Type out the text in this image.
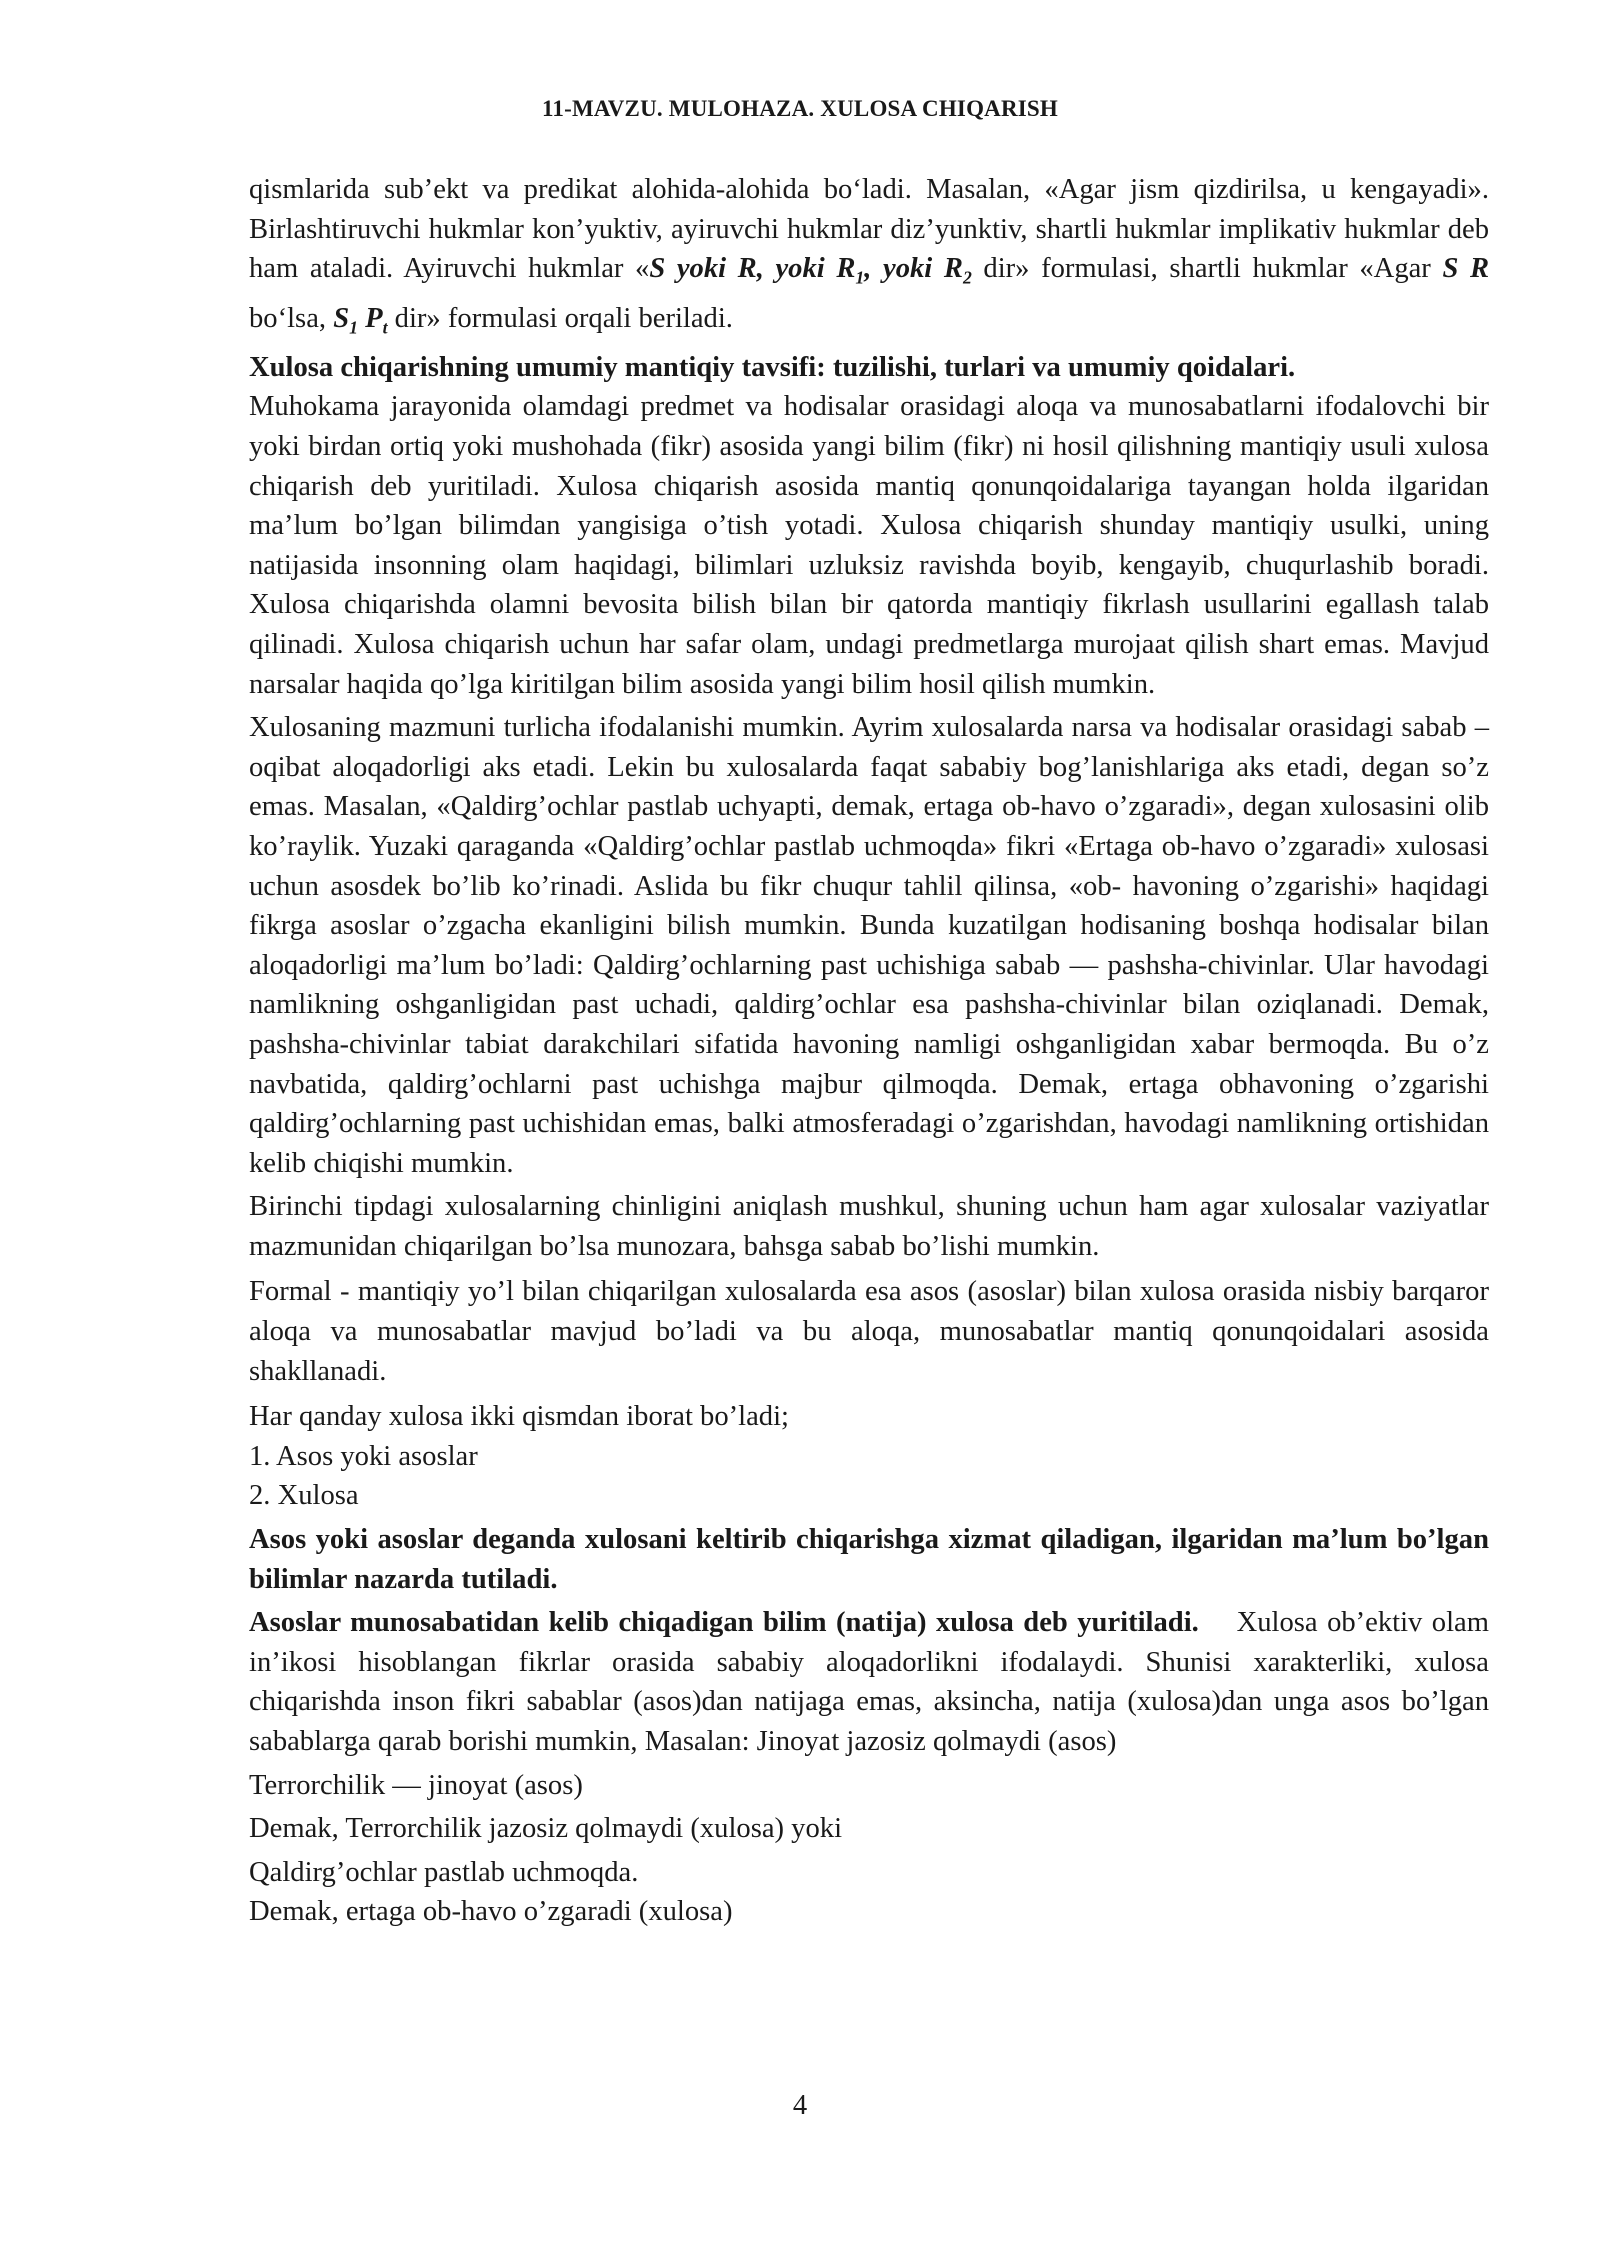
11-MAVZU. MULOHAZA. XULOSA CHIQARISH

qismlarida sub’ekt va predikat alohida-alohida bo‘ladi. Masalan, «Agar jism qizdirilsa, u kengayadi». Birlashtiruvchi hukmlar kon’yuktiv, ayiruvchi hukmlar diz’yunktiv, shartli hukmlar implikativ hukmlar deb ham ataladi. Ayiruvchi hukmlar «S yoki R, yoki $R_1$, yoki $R_2$ dir» formulasi, shartli hukmlar «Agar S R bo‘lsa, $S_1$ $P_t$ dir» formulasi orqali beriladi.

Xulosa chiqarishning umumiy mantiqiy tavsifi: tuzilishi, turlari va umumiy qoidalari.

Muhokama jarayonida olamdagi predmet va hodisalar orasidagi aloqa va munosabatlarni ifodalovchi bir yoki birdan ortiq yoki mushohada (fikr) asosida yangi bilim (fikr) ni hosil qilishning mantiqiy usuli xulosa chiqarish deb yuritiladi. Xulosa chiqarish asosida mantiq qonunqoidalariga tayangan holda ilgaridan ma’lum bo’lgan bilimdan yangisiga o’tish yotadi. Xulosa chiqarish shunday mantiqiy usulki, uning natijasida insonning olam haqidagi, bilimlari uzluksiz ravishda boyib, kengayib, chuqurlashib boradi. Xulosa chiqarishda olamni bevosita bilish bilan bir qatorda mantiqiy fikrlash usullarini egallash talab qilinadi. Xulosa chiqarish uchun har safar olam, undagi predmetlarga murojaat qilish shart emas. Mavjud narsalar haqida qo’lga kiritilgan bilim asosida yangi bilim hosil qilish mumkin.

Xulosaning mazmuni turlicha ifodalanishi mumkin. Ayrim xulosalarda narsa va hodisalar orasidagi sabab – oqibat aloqadorligi aks etadi. Lekin bu xulosalarda faqat sababiy bog’lanishlariga aks etadi, degan so’z emas. Masalan, «Qaldirg’ochlar pastlab uchyapti, demak, ertaga ob-havo o’zgaradi», degan xulosasini olib ko’raylik. Yuzaki qaraganda «Qaldirg’ochlar pastlab uchmoqda» fikri «Ertaga ob-havo o’zgaradi» xulosasi uchun asosdek bo’lib ko’rinadi. Aslida bu fikr chuqur tahlil qilinsa, «ob- havoning o’zgarishi» haqidagi fikrga asoslar o’zgacha ekanligini bilish mumkin. Bunda kuzatilgan hodisaning boshqa hodisalar bilan aloqadorligi ma’lum bo’ladi: Qaldirg’ochlarning past uchishiga sabab — pashsha-chivinlar. Ular havodagi namlikning oshganligidan past uchadi, qaldirg’ochlar esa pashsha-chivinlar bilan oziqlanadi. Demak, pashsha-chivinlar tabiat darakchilari sifatida havoning namligi oshganligidan xabar bermoqda. Bu o’z navbatida, qaldirg’ochlarni past uchishga majbur qilmoqda. Demak, ertaga obhavoning o’zgarishi qaldirg’ochlarning past uchishidan emas, balki atmosferadagi o’zgarishdan, havodagi namlikning ortishidan kelib chiqishi mumkin.

Birinchi tipdagi xulosalarning chinligini aniqlash mushkul, shuning uchun ham agar xulosalar vaziyatlar mazmunidan chiqarilgan bo’lsa munozara, bahsga sabab bo’lishi mumkin.

Formal - mantiqiy yo’l bilan chiqarilgan xulosalarda esa asos (asoslar) bilan xulosa orasida nisbiy barqaror aloqa va munosabatlar mavjud bo’ladi va bu aloqa, munosabatlar mantiq qonunqoidalari asosida shakllanadi.

Har qanday xulosa ikki qismdan iborat bo’ladi;

1. Asos yoki asoslar

2. Xulosa

Asos yoki asoslar deganda xulosani keltirib chiqarishga xizmat qiladigan, ilgaridan ma’lum bo’lgan bilimlar nazarda tutiladi.

Asoslar munosabatidan kelib chiqadigan bilim (natija) xulosa deb yuritiladi.    Xulosa ob’ektiv olam in’ikosi hisoblangan fikrlar orasida sababiy aloqadorlikni ifodalaydi. Shunisi xarakterliki, xulosa chiqarishda inson fikri sabablar (asos)dan natijaga emas, aksincha, natija (xulosa)dan unga asos bo’lgan sabablarga qarab borishi mumkin, Masalan: Jinoyat jazosiz qolmaydi (asos)

Terrorchilik — jinoyat (asos)

Demak, Terrorchilik jazosiz qolmaydi (xulosa) yoki

Qaldirg’ochlar pastlab uchmoqda.

Demak, ertaga ob-havo o’zgaradi (xulosa)

4
